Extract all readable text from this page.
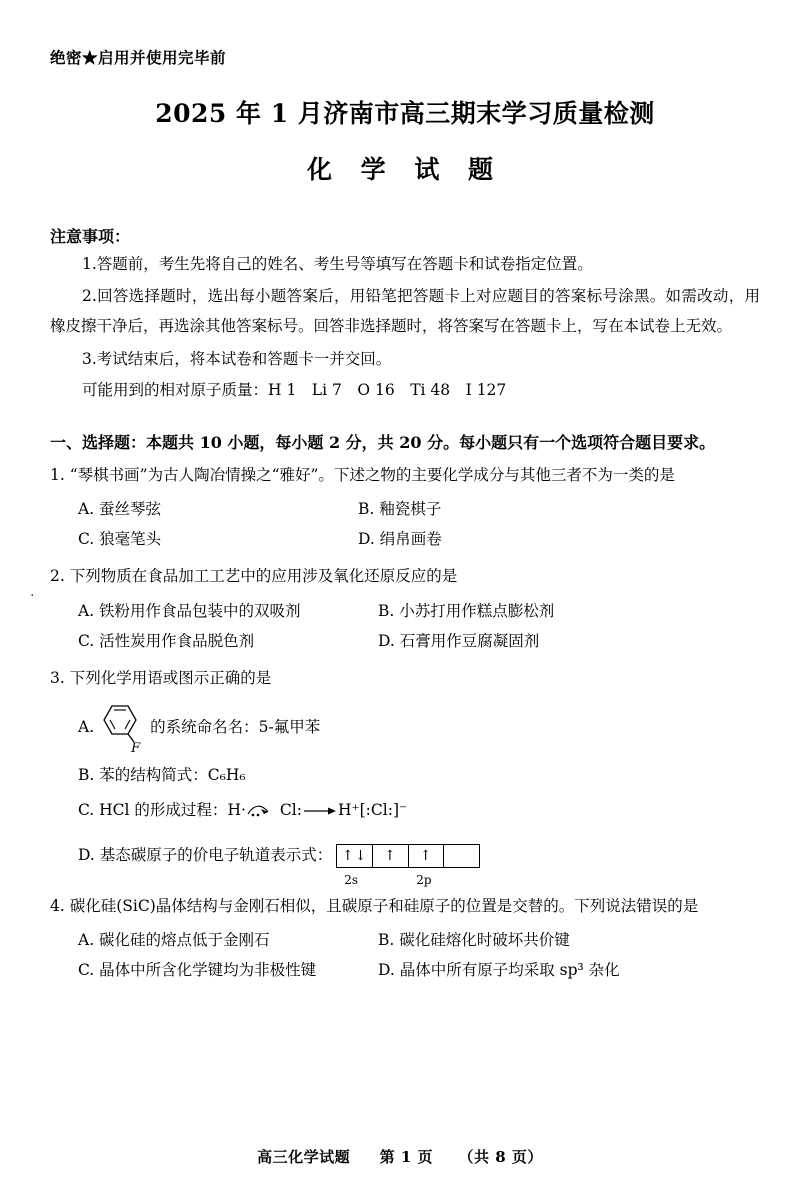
·
绝密★启用并使用完毕前
2025 年 1 月济南市高三期末学习质量检测
化 学 试 题
注意事项：
1.答题前，考生先将自己的姓名、考生号等填写在答题卡和试卷指定位置。
2.回答选择题时，选出每小题答案后，用铅笔把答题卡上对应题目的答案标号涂黑。如需改动，用橡皮擦干净后，再选涂其他答案标号。回答非选择题时，将答案写在答题卡上，写在本试卷上无效。
3.考试结束后，将本试卷和答题卡一并交回。
可能用到的相对原子质量：H 1　Li 7　O 16　Ti 48　I 127
一、选择题：本题共 10 小题，每小题 2 分，共 20 分。每小题只有一个选项符合题目要求。
1. “琴棋书画”为古人陶冶情操之“雅好”。下述之物的主要化学成分与其他三者不为一类的是
A. 蚕丝琴弦	B. 釉瓷棋子
C. 狼毫笔头	D. 绢帛画卷
2. 下列物质在食品加工工艺中的应用涉及氧化还原反应的是
A. 铁粉用作食品包装中的双吸剂	B. 小苏打用作糕点膨松剂
C. 活性炭用作食品脱色剂	D. 石膏用作豆腐凝固剂
3. 下列化学用语或图示正确的是
A.
F
的系统命名名：5-氟甲苯
B. 苯的结构简式：C₆H₆
C. HCl 的形成过程： H· Cl: H⁺[:Cl:]⁻
D. 基态碳原子的价电子轨道表示式： ↑↓	↑	↑
2s	2p
4. 碳化硅(SiC)晶体结构与金刚石相似，且碳原子和硅原子的位置是交替的。下列说法错误的是
A. 碳化硅的熔点低于金刚石	B. 碳化硅熔化时破坏共价键
C. 晶体中所含化学键均为非极性键	D. 晶体中所有原子均采取 sp³ 杂化
高三化学试题 第 1 页 （共 8 页）
